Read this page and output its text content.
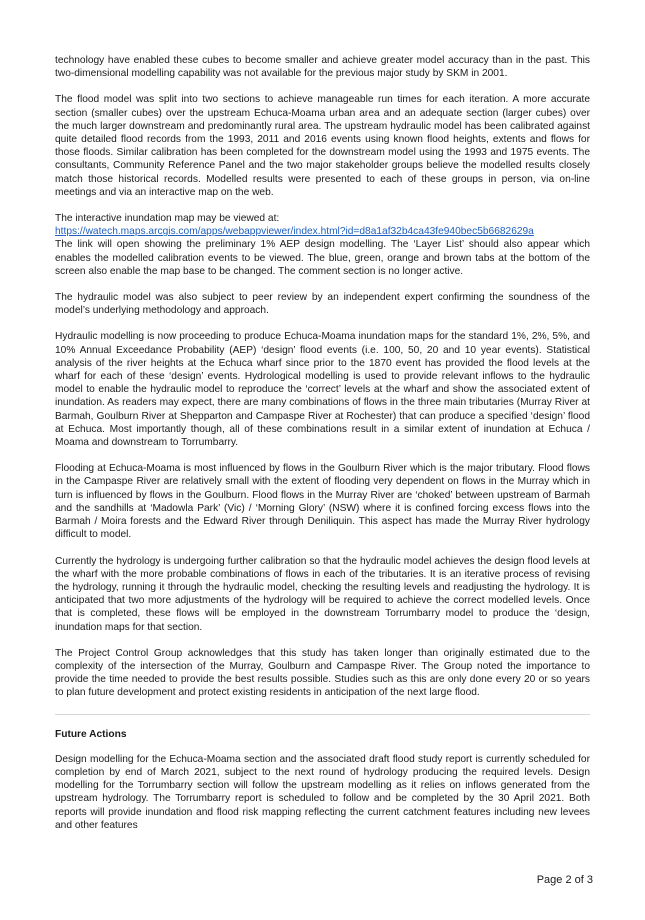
technology have enabled these cubes to become smaller and achieve greater model accuracy than in the past. This two-dimensional modelling capability was not available for the previous major study by SKM in 2001.

The flood model was split into two sections to achieve manageable run times for each iteration. A more accurate section (smaller cubes) over the upstream Echuca-Moama urban area and an adequate section (larger cubes) over the much larger downstream and predominantly rural area. The upstream hydraulic model has been calibrated against quite detailed flood records from the 1993, 2011 and 2016 events using known flood heights, extents and flows for those floods. Similar calibration has been completed for the downstream model using the 1993 and 1975 events. The consultants, Community Reference Panel and the two major stakeholder groups believe the modelled results closely match those historical records. Modelled results were presented to each of these groups in person, via on-line meetings and via an interactive map on the web.

The interactive inundation map may be viewed at:

https://watech.maps.arcgis.com/apps/webappviewer/index.html?id=d8a1af32b4ca43fe940bec5b6682629a

The link will open showing the preliminary 1% AEP design modelling. The ‘Layer List’ should also appear which enables the modelled calibration events to be viewed. The blue, green, orange and brown tabs at the bottom of the screen also enable the map base to be changed. The comment section is no longer active.

The hydraulic model was also subject to peer review by an independent expert confirming the soundness of the model’s underlying methodology and approach.

Hydraulic modelling is now proceeding to produce Echuca-Moama inundation maps for the standard 1%, 2%, 5%, and 10% Annual Exceedance Probability (AEP) ‘design’ flood events (i.e. 100, 50, 20 and 10 year events). Statistical analysis of the river heights at the Echuca wharf since prior to the 1870 event has provided the flood levels at the wharf for each of these ‘design’ events. Hydrological modelling is used to provide relevant inflows to the hydraulic model to enable the hydraulic model to reproduce the ‘correct’ levels at the wharf and show the associated extent of inundation. As readers may expect, there are many combinations of flows in the three main tributaries (Murray River at Barmah, Goulburn River at Shepparton and Campaspe River at Rochester) that can produce a specified ‘design’ flood at Echuca. Most importantly though, all of these combinations result in a similar extent of inundation at Echuca / Moama and downstream to Torrumbarry.

Flooding at Echuca-Moama is most influenced by flows in the Goulburn River which is the major tributary. Flood flows in the Campaspe River are relatively small with the extent of flooding very dependent on flows in the Murray which in turn is influenced by flows in the Goulburn. Flood flows in the Murray River are ‘choked’ between upstream of Barmah and the sandhills at ‘Madowla Park’ (Vic) / ‘Morning Glory’ (NSW) where it is confined forcing excess flows into the Barmah / Moira forests and the Edward River through Deniliquin. This aspect has made the Murray River hydrology difficult to model.

Currently the hydrology is undergoing further calibration so that the hydraulic model achieves the design flood levels at the wharf with the more probable combinations of flows in each of the tributaries. It is an iterative process of revising the hydrology, running it through the hydraulic model, checking the resulting levels and readjusting the hydrology. It is anticipated that two more adjustments of the hydrology will be required to achieve the correct modelled levels. Once that is completed, these flows will be employed in the downstream Torrumbarry model to produce the ‘design, inundation maps for that section.

The Project Control Group acknowledges that this study has taken longer than originally estimated due to the complexity of the intersection of the Murray, Goulburn and Campaspe River. The Group noted the importance to provide the time needed to provide the best results possible. Studies such as this are only done every 20 or so years to plan future development and protect existing residents in anticipation of the next large flood.

Future Actions

Design modelling for the Echuca-Moama section and the associated draft flood study report is currently scheduled for completion by end of March 2021, subject to the next round of hydrology producing the required levels. Design modelling for the Torrumbarry section will follow the upstream modelling as it relies on inflows generated from the upstream hydrology. The Torrumbarry report is scheduled to follow and be completed by the 30 April 2021. Both reports will provide inundation and flood risk mapping reflecting the current catchment features including new levees and other features

Page 2 of 3
